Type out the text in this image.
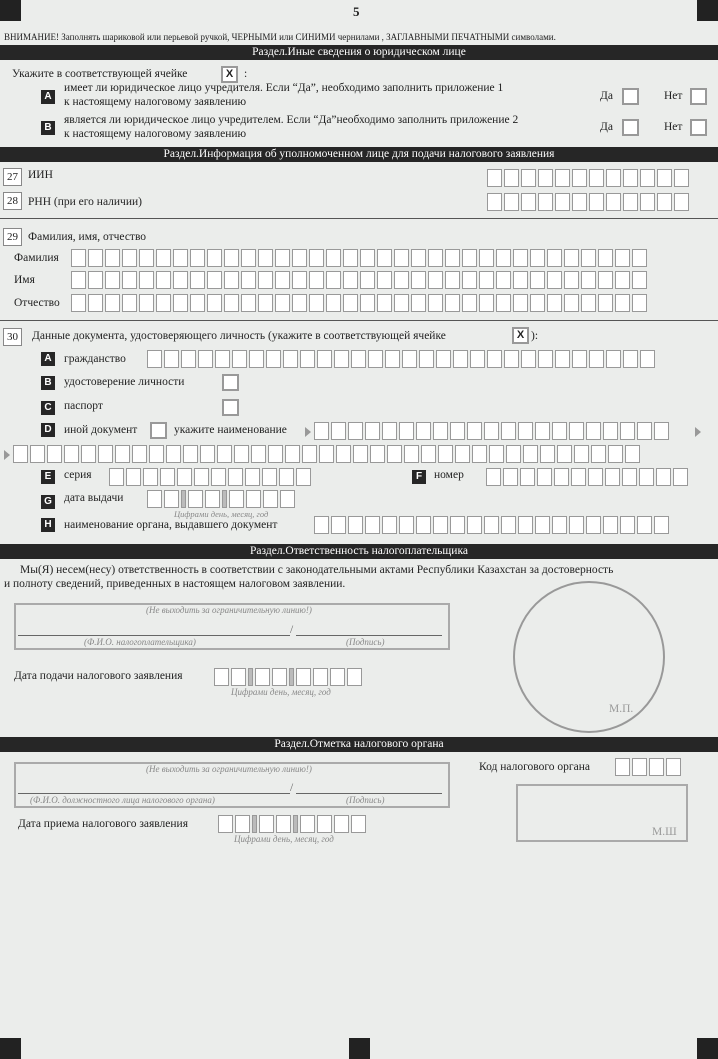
5
ВНИМАНИЕ! Заполнять шариковой или перьевой ручкой, ЧЕРНЫМИ или СИНИМИ чернилами , ЗАГЛАВНЫМИ ПЕЧАТНЫМИ символами.
Раздел.Иные сведения о юридическом лице
Укажите в соответствующей ячейке	X :
A
имеет ли юридическое лицо учредителя. Если “Да”, необходимо заполнить приложение 1
к настоящему налоговому заявлению	Да	Нет
B
является ли юридическое лицо учредителем. Если “Да”необходимо заполнить приложение 2
к настоящему налоговому заявлению
Да	Нет
Раздел.Информация об уполномоченном лице для подачи налогового заявления
27 ИИН
28 РНН (при его наличии)
29 Фамилия, имя, отчество
Фамилия
Имя
Отчество
30	Данные документа, удостоверяющего личность (укажите в соответствующей ячейке	X ):
A гражданство
B удостоверение личности
C паспорт
D иной документ	укажите наименование
E	серия	F	номер
G дата выдачи
Цифрами день, месяц, год
H наименование органа, выдавшего документ
Раздел.Ответственность налогоплательщика
Мы(Я) несем(несу) ответственность в соответствии с законодательными актами Республики Казахстан за достоверность
и полноту сведений, приведенных в настоящем налоговом заявлении.
(Не выходить за ограничительную линию!)
/
(Ф.И.О. налогоплательщика)	(Подпись)
М.П.
Дата подачи налогового заявления
Цифрами день, месяц, год
Раздел.Отметка налогового органа
(Не выходить за ограничительную линию!)
/
(Ф.И.О. должностного лица налогового органа)	(Подпись)
Код налогового органа
М.Ш
Дата приема налогового заявления
Цифрами день, месяц, год
